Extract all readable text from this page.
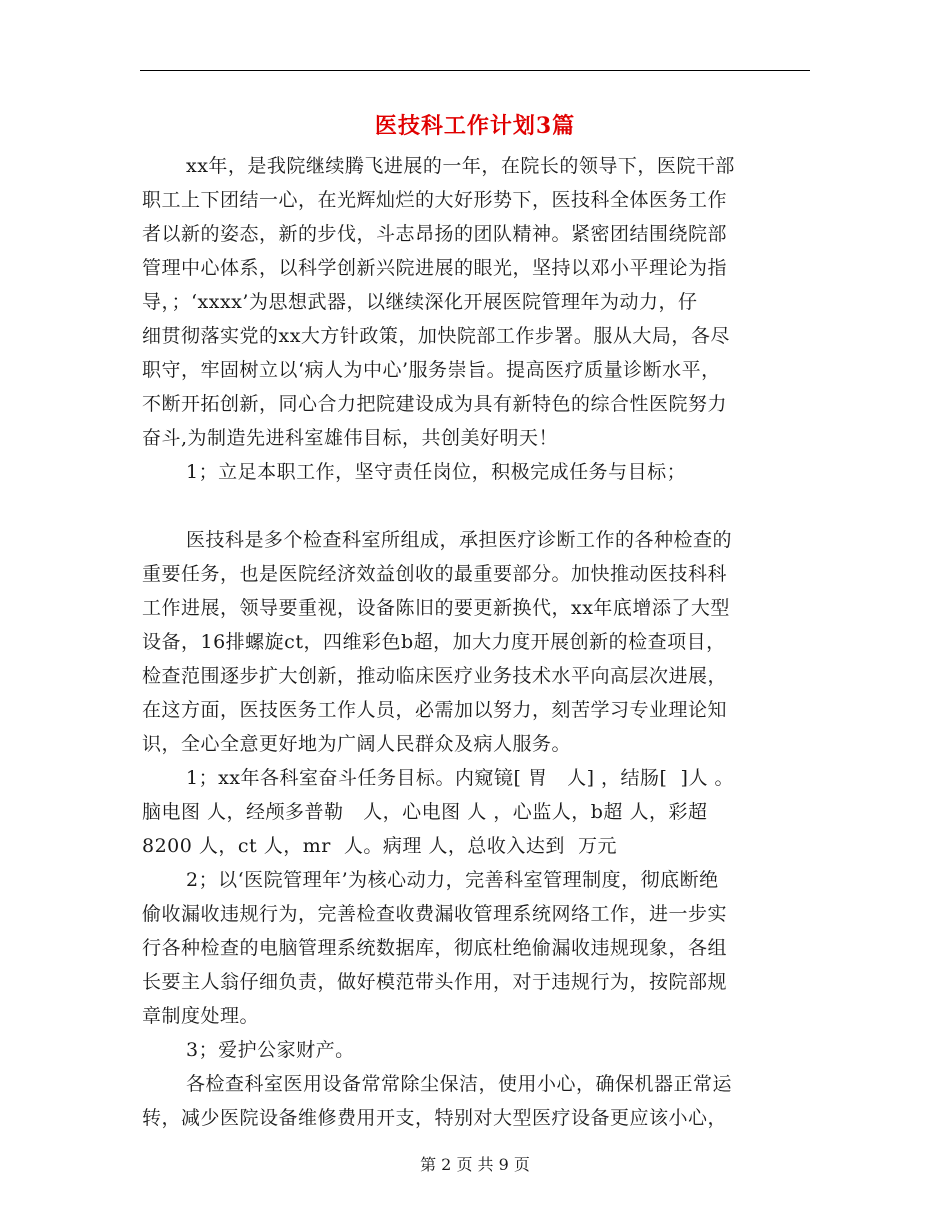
医技科工作计划3篇
xx年，是我院继续腾飞进展的一年，在院长的领导下，医院干部
职工上下团结一心，在光辉灿烂的大好形势下，医技科全体医务工作
者以新的姿态，新的步伐，斗志昂扬的团队精神。紧密团结围绕院部
管理中心体系，以科学创新兴院进展的眼光，坚持以邓小平理论为指
导，；‘xxxx’为思想武器，以继续深化开展医院管理年为动力，仔
细贯彻落实党的xx大方针政策，加快院部工作步署。服从大局，各尽
职守，牢固树立以‘病人为中心’服务崇旨。提高医疗质量诊断水平，
不断开拓创新，同心合力把院建设成为具有新特色的综合性医院努力
奋斗,为制造先进科室雄伟目标，共创美好明天！
1；立足本职工作，坚守责任岗位，积极完成任务与目标；
医技科是多个检查科室所组成，承担医疗诊断工作的各种检查的
重要任务，也是医院经济效益创收的最重要部分。加快推动医技科科
工作进展，领导要重视，设备陈旧的要更新换代，xx年底增添了大型
设备，16排螺旋ct，四维彩色b超，加大力度开展创新的检查项目，
检查范围逐步扩大创新，推动临床医疗业务技术水平向高层次进展，
在这方面，医技医务工作人员，必需加以努力，刻苦学习专业理论知
识，全心全意更好地为广阔人民群众及病人服务。
1；xx年各科室奋斗任务目标。内窥镜[ 胃   人] ，结肠[  ]人 。
脑电图 人，经颅多普勒   人，心电图 人 ，心监人，b超 人，彩超
8200 人，ct 人，mr  人。病理 人，总收入达到  万元
2；以‘医院管理年’为核心动力，完善科室管理制度，彻底断绝
偷收漏收违规行为，完善检查收费漏收管理系统网络工作，进一步实
行各种检查的电脑管理系统数据库，彻底杜绝偷漏收违规现象，各组
长要主人翁仔细负责，做好模范带头作用，对于违规行为，按院部规
章制度处理。
3；爱护公家财产。
各检查科室医用设备常常除尘保洁，使用小心，确保机器正常运
转，减少医院设备维修费用开支，特别对大型医疗设备更应该小心，
第 2 页 共 9 页
